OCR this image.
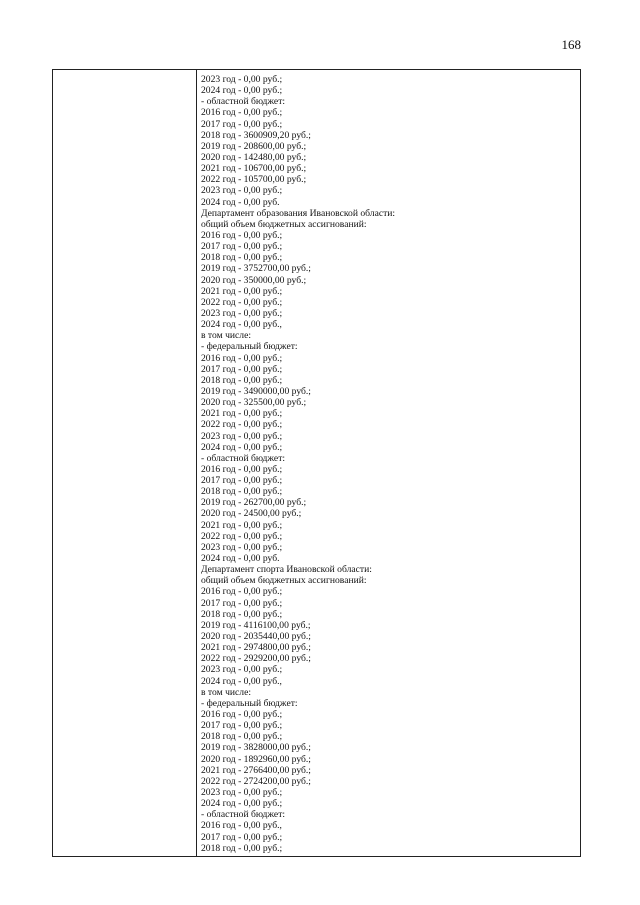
168
2023 год - 0,00 руб.;
2024 год - 0,00 руб.;
- областной бюджет:
2016 год - 0,00 руб.;
2017 год - 0,00 руб.;
2018 год - 3600909,20 руб.;
2019 год - 208600,00 руб.;
2020 год - 142480,00 руб.;
2021 год - 106700,00 руб.;
2022 год - 105700,00 руб.;
2023 год - 0,00 руб.;
2024 год - 0,00 руб.
Департамент образования Ивановской области:
общий объем бюджетных ассигнований:
2016 год - 0,00 руб.;
2017 год - 0,00 руб.;
2018 год - 0,00 руб.;
2019 год - 3752700,00 руб.;
2020 год - 350000,00 руб.;
2021 год - 0,00 руб.;
2022 год - 0,00 руб.;
2023 год - 0,00 руб.;
2024 год - 0,00 руб.,
в том числе:
- федеральный бюджет:
2016 год - 0,00 руб.;
2017 год - 0,00 руб.;
2018 год - 0,00 руб.;
2019 год - 3490000,00 руб.;
2020 год - 325500,00 руб.;
2021 год - 0,00 руб.;
2022 год - 0,00 руб.;
2023 год - 0,00 руб.;
2024 год - 0,00 руб.;
- областной бюджет:
2016 год - 0,00 руб.;
2017 год - 0,00 руб.;
2018 год - 0,00 руб.;
2019 год - 262700,00 руб.;
2020 год - 24500,00 руб.;
2021 год - 0,00 руб.;
2022 год - 0,00 руб.;
2023 год - 0,00 руб.;
2024 год - 0,00 руб.
Департамент спорта Ивановской области:
общий объем бюджетных ассигнований:
2016 год - 0,00 руб.;
2017 год - 0,00 руб.;
2018 год - 0,00 руб.;
2019 год - 4116100,00 руб.;
2020 год - 2035440,00 руб.;
2021 год - 2974800,00 руб.;
2022 год - 2929200,00 руб.;
2023 год - 0,00 руб.;
2024 год - 0,00 руб.,
в том числе:
- федеральный бюджет:
2016 год - 0,00 руб.;
2017 год - 0,00 руб.;
2018 год - 0,00 руб.;
2019 год - 3828000,00 руб.;
2020 год - 1892960,00 руб.;
2021 год - 2766400,00 руб.;
2022 год - 2724200,00 руб.;
2023 год - 0,00 руб.;
2024 год - 0,00 руб.;
- областной бюджет:
2016 год - 0,00 руб.,
2017 год - 0,00 руб.;
2018 год - 0,00 руб.;
